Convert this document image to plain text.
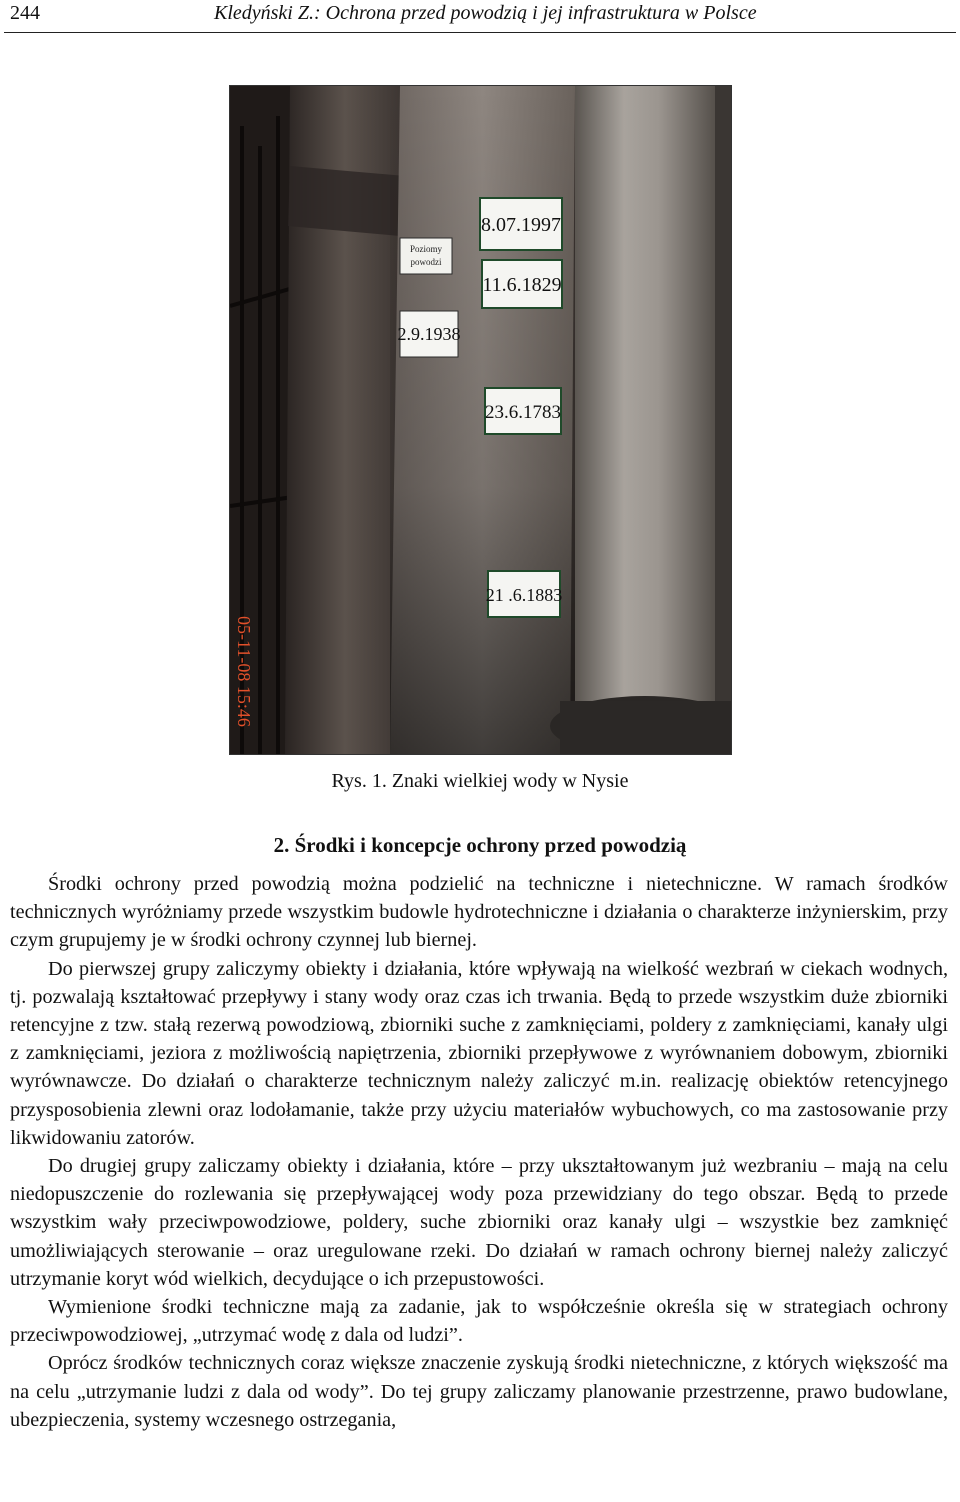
244	Kledyński Z.: Ochrona przed powodzią i jej infrastruktura w Polsce
Poziomy
powodzi
2.9.1938
8.07.1997
11.6.1829
23.6.1783
21 .6.1883
05-11-08 15:46
Rys. 1. Znaki wielkiej wody w Nysie
2. Środki i koncepcje ochrony przed powodzią

Środki ochrony przed powodzią można podzielić na techniczne i nietechniczne. W ramach środków technicznych wyróżniamy przede wszystkim budowle hydrotechniczne i działania o charakterze inżynierskim, przy czym grupujemy je w środki ochrony czynnej lub biernej.

Do pierwszej grupy zaliczymy obiekty i działania, które wpływają na wielkość wezbrań w ciekach wodnych, tj. pozwalają kształtować przepływy i stany wody oraz czas ich trwania. Będą to przede wszystkim duże zbiorniki retencyjne z tzw. stałą rezerwą powodziową, zbiorniki suche z zamknięciami, poldery z zamknięciami, kanały ulgi z zamknięciami, jeziora z możliwością napiętrzenia, zbiorniki przepływowe z wyrównaniem dobowym, zbiorniki wyrównawcze. Do działań o charakterze technicznym należy zaliczyć m.in. realizację obiektów retencyjnego przysposobienia zlewni oraz lodołamanie, także przy użyciu materiałów wybuchowych, co ma zastosowanie przy likwidowaniu zatorów.

Do drugiej grupy zaliczamy obiekty i działania, które – przy ukształtowanym już wezbraniu – mają na celu niedopuszczenie do rozlewania się przepływającej wody poza przewidziany do tego obszar. Będą to przede wszystkim wały przeciwpowodziowe, poldery, suche zbiorniki oraz kanały ulgi – wszystkie bez zamknięć umożliwiających sterowanie – oraz uregulowane rzeki. Do działań w ramach ochrony biernej należy zaliczyć utrzymanie koryt wód wielkich, decydujące o ich przepustowości.

Wymienione środki techniczne mają za zadanie, jak to współcześnie określa się w strategiach ochrony przeciwpowodziowej, „utrzymać wodę z dala od ludzi”.

Oprócz środków technicznych coraz większe znaczenie zyskują środki nietechniczne, z których większość ma na celu „utrzymanie ludzi z dala od wody”. Do tej grupy zaliczamy planowanie przestrzenne, prawo budowlane, ubezpieczenia, systemy wczesnego ostrzegania,
